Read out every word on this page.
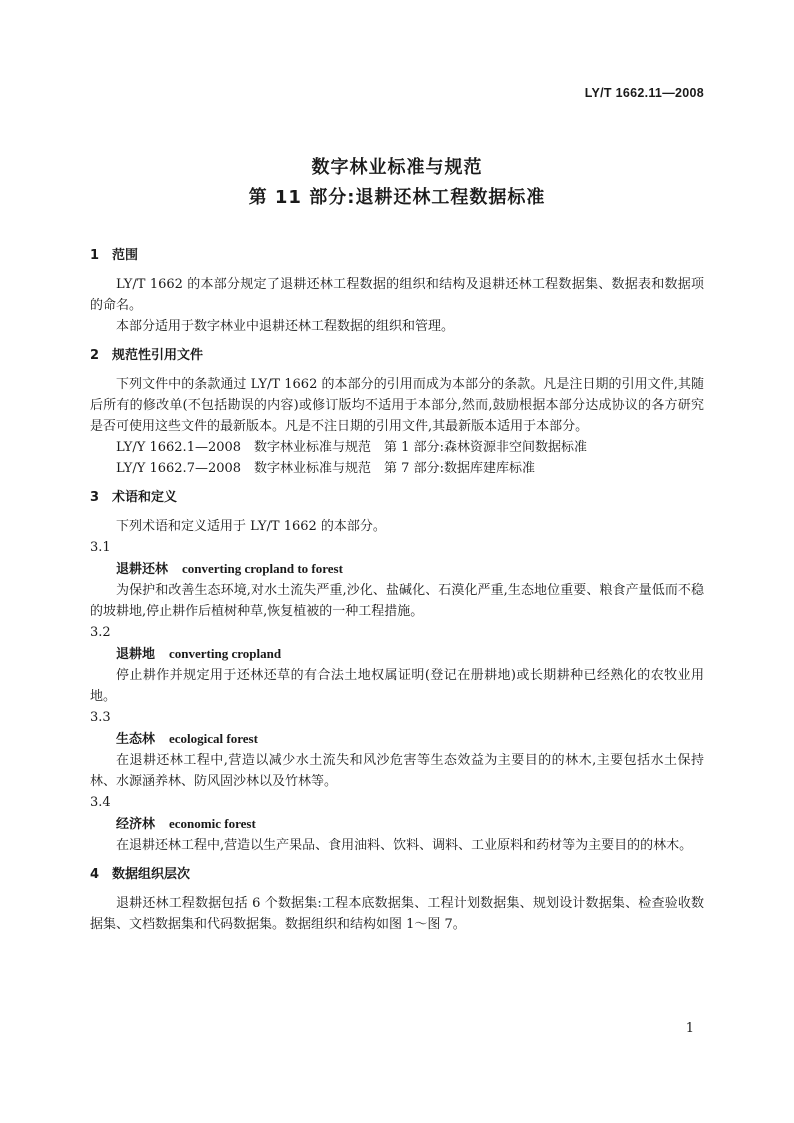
LY/T 1662.11—2008
数字林业标准与规范
第 11 部分:退耕还林工程数据标准
1 范围

LY/T 1662 的本部分规定了退耕还林工程数据的组织和结构及退耕还林工程数据集、数据表和数据项的命名。

本部分适用于数字林业中退耕还林工程数据的组织和管理。

2 规范性引用文件

下列文件中的条款通过 LY/T 1662 的本部分的引用而成为本部分的条款。凡是注日期的引用文件,其随后所有的修改单(不包括勘误的内容)或修订版均不适用于本部分,然而,鼓励根据本部分达成协议的各方研究是否可使用这些文件的最新版本。凡是不注日期的引用文件,其最新版本适用于本部分。

LY/Y 1662.1—2008　数字林业标准与规范　第 1 部分:森林资源非空间数据标准
LY/Y 1662.7—2008　数字林业标准与规范　第 7 部分:数据库建库标准
3 术语和定义

下列术语和定义适用于 LY/T 1662 的本部分。

3.1
退耕还林 converting cropland to forest

为保护和改善生态环境,对水土流失严重,沙化、盐碱化、石漠化严重,生态地位重要、粮食产量低而不稳的坡耕地,停止耕作后植树种草,恢复植被的一种工程措施。

3.2
退耕地 converting cropland

停止耕作并规定用于还林还草的有合法土地权属证明(登记在册耕地)或长期耕种已经熟化的农牧业用地。

3.3
生态林 ecological forest

在退耕还林工程中,营造以减少水土流失和风沙危害等生态效益为主要目的的林木,主要包括水土保持林、水源涵养林、防风固沙林以及竹林等。

3.4
经济林 economic forest

在退耕还林工程中,营造以生产果品、食用油料、饮料、调料、工业原料和药材等为主要目的的林木。

4 数据组织层次

退耕还林工程数据包括 6 个数据集:工程本底数据集、工程计划数据集、规划设计数据集、检查验收数据集、文档数据集和代码数据集。数据组织和结构如图 1～图 7。

1
